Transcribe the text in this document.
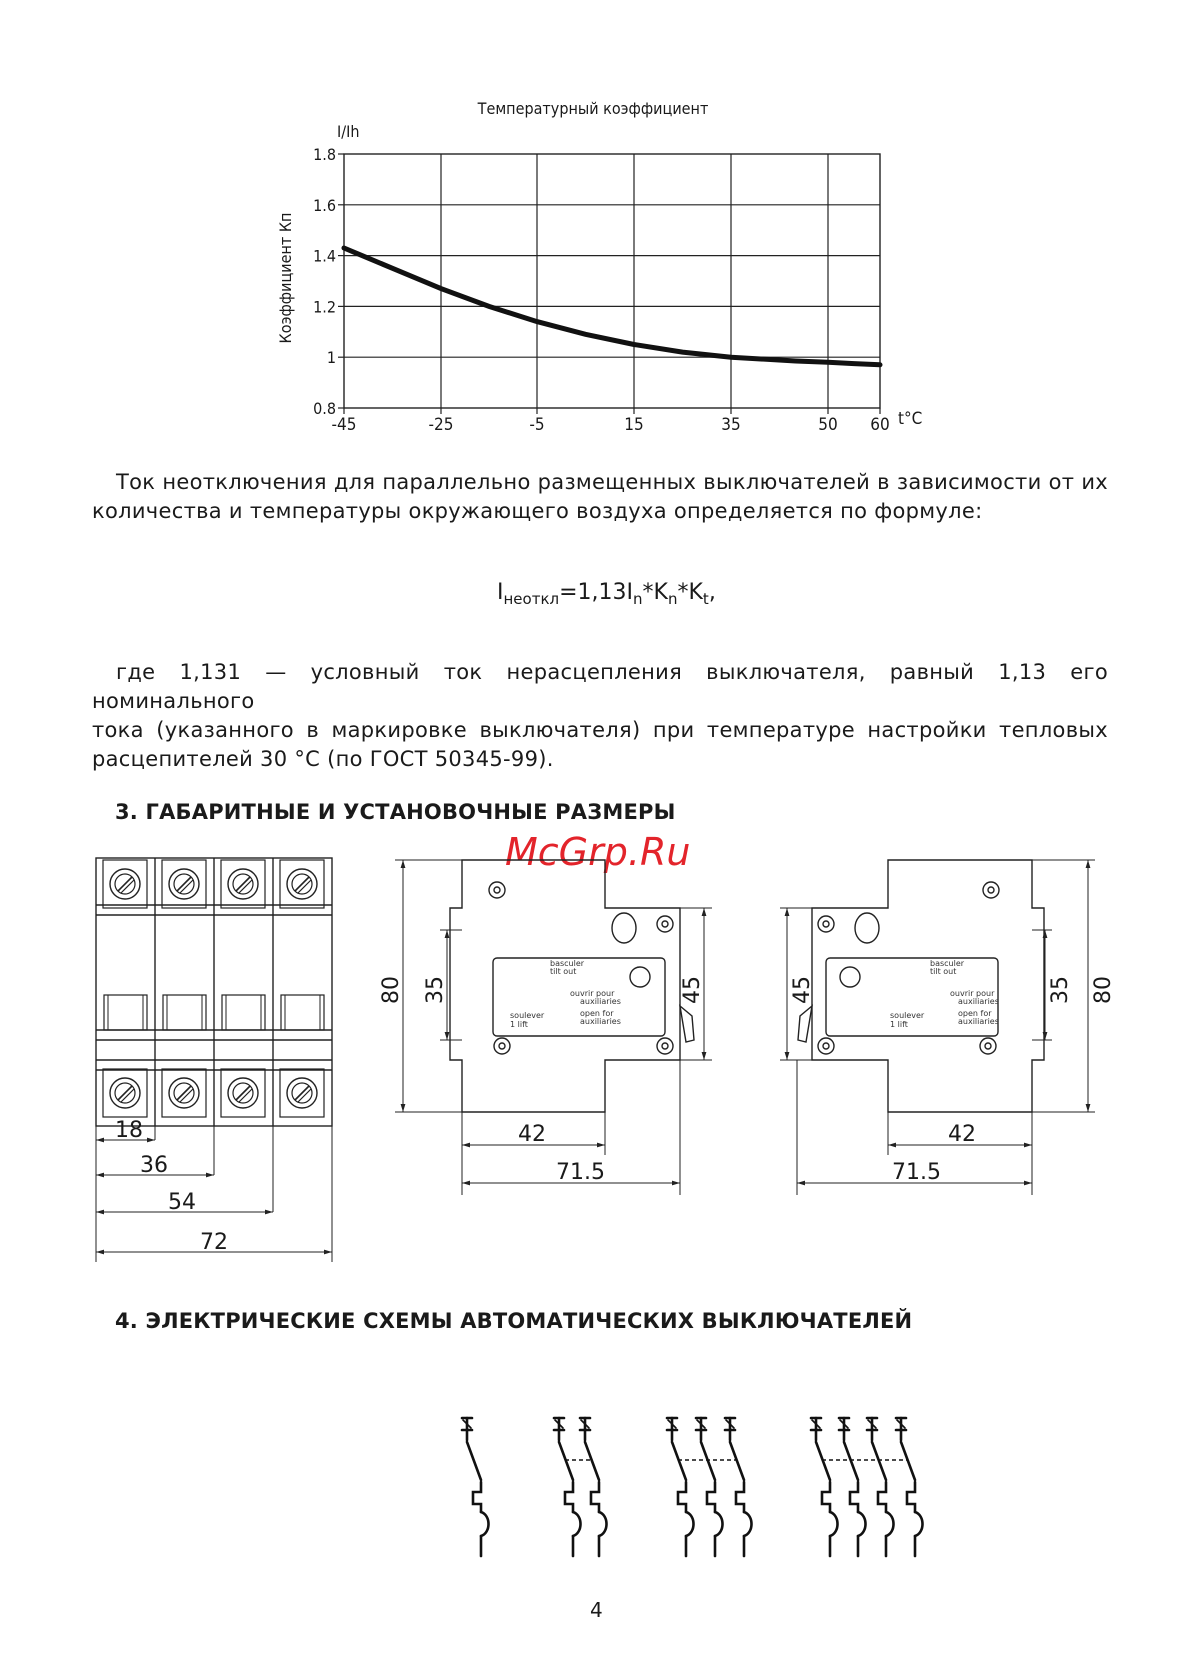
Температурный коэффициент
I/Ih
Коэффициент Кп
1.8
1.6
1.4
1.2
1
0.8
-45	-25	-5	15	35	50 60 t°C
Ток неотключения для параллельно размещенных выключателей в зависимости от их
количества и температуры окружающего воздуха определяется по формуле:
$I_{неоткл}=1,13I_n*K_n*K_t$,
где 1,131 — условный ток нерасцепления выключателя, равный 1,13 его номинального
тока (указанного в маркировке выключателя) при температуре настройки тепловых
расцепителей 30 °С (по ГОСТ 50345-99).
3. ГАБАРИТНЫЕ И УСТАНОВОЧНЫЕ РАЗМЕРЫ
McGrp.Ru
18
36
54
72
basculer
tilt out
ouvrir pour
auxiliaries
open for
auxiliaries
soulever
1 lift
80 35	45
42
71.5
basculer
tilt out
ouvrir pour
auxiliaries
open for
auxiliaries
soulever
1 lift
80
35
45
42
71.5
4. ЭЛЕКТРИЧЕСКИЕ СХЕМЫ АВТОМАТИЧЕСКИХ ВЫКЛЮЧАТЕЛЕЙ
4
